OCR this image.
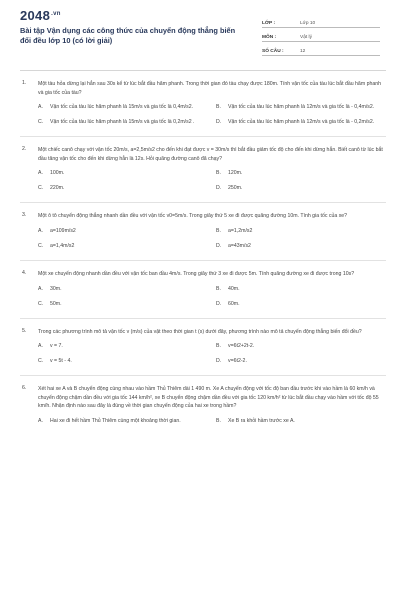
$2048^{.vn}$
Bài tập Vận dụng các công thức của chuyển động thẳng biến đổi đều lớp 10 (có lời giải)
LỚP :	Lớp 10
MÔN :	Vật lý
SỐ CÂU :	12
1. Một tàu hỏa dừng lại hẳn sau 30s kể từ lúc bắt đầu hãm phanh. Trong thời gian đó tàu chạy được 180m. Tính vận tốc của tàu lúc bắt đầu hãm phanh và gia tốc của tàu?
A.	Vận tốc của tàu lúc hãm phanh là 15m/s và gia tốc là 0,4m/s2.	B.	Vận tốc của tàu lúc hãm phanh là 12m/s và gia tốc là - 0,4m/s2.
C.	Vận tốc của tàu lúc hãm phanh là 15m/s và gia tốc là 0,2m/s2 .	D.	Vận tốc của tàu lúc hãm phanh là 12m/s và gia tốc là - 0,2m/s2.
2. Một chiếc canô chạy với vận tốc 20m/s, a=2,5m/s2 cho đến khi đạt được v = 30m/s thì bắt đầu giảm tốc độ cho đến khi dừng hẳn. Biết canô từ lúc bắt đầu tăng vận tốc cho đến khi dừng hẳn là 12s. Hỏi quãng đường canô đã chạy?
A.	100m.	B.	120m.
C.	220m.	D.	250m.
3. Một ô tô chuyển động thẳng nhanh dần đều với vận tốc v0=5m/s. Trong giây thứ 5 xe đi được quãng đường 10m. Tính gia tốc của xe?
A.	a=109m/s2	B.	a=1,2m/s2
C.	a=1,4m/s2	D.	a=43m/s2
4. Một xe chuyển động nhanh dần đều với vận tốc ban đầu 4m/s. Trong giây thứ 3 xe đi được 5m. Tính quãng đường xe đi được trong 10s?
A.	30m.	B.	40m.
C.	50m.	D.	60m.
5. Trong các phương trình mô tả vận tốc v (m/s) của vật theo thời gian t (s) dưới đây, phương trình nào mô tả chuyển động thẳng biến đổi đều?
A.	v = 7.	B.	v=6t2+2t-2.
C.	v = 5t - 4.	D.	v=6t2-2.
6. Xét hai xe A và B chuyển động cùng nhau vào hầm Thủ Thiêm dài 1 490 m. Xe A chuyển động với tốc độ ban đầu trước khi vào hầm là 60 km/h và chuyển động chậm dần đều với gia tốc 144 km/h², xe B chuyển động chậm dần đều với gia tốc 120 km/h² từ lúc bắt đầu chạy vào hầm với tốc độ 55 km/h. Nhận định nào sau đây là đúng về thời gian chuyển động của hai xe trong hầm?
A.	Hai xe đi hết hầm Thủ Thiêm cùng một khoảng thời gian.	B.	Xe B ra khỏi hầm trước xe A.
